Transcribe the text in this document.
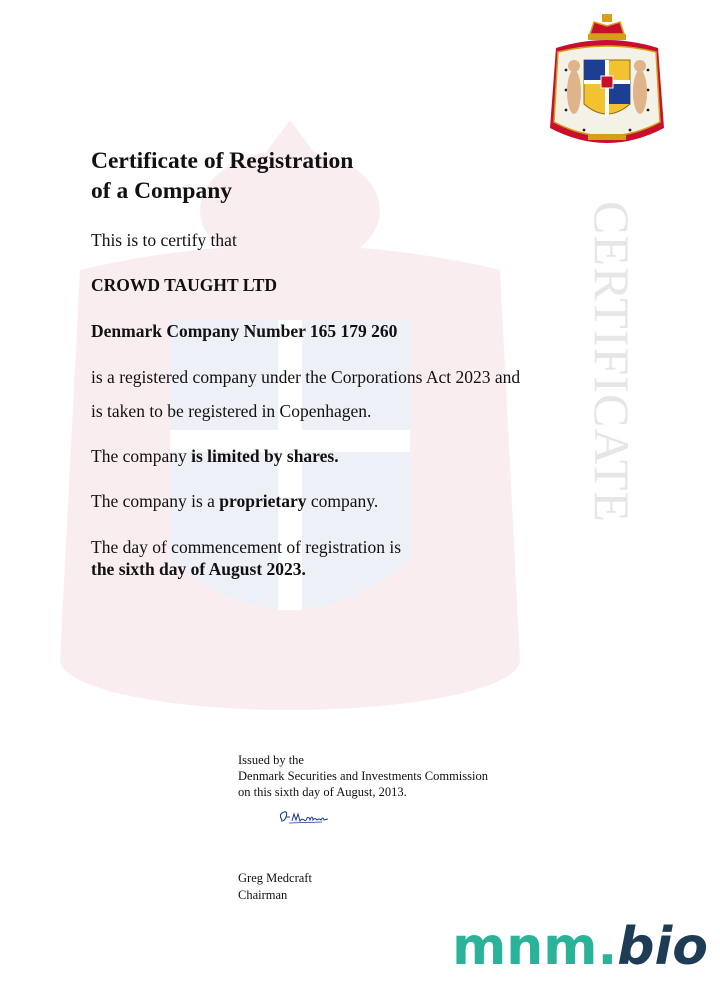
CERTIFICATE
Certificate of Registration
of a Company

This is to certify that

CROWD TAUGHT LTD

Denmark Company Number 165 179 260

is a registered company under the Corporations Act 2023 and

is taken to be registered in Copenhagen.

The company is limited by shares.

The company is a proprietary company.

The day of commencement of registration is

the sixth day of August 2023.

Issued by the
Denmark Securities and Investments Commission
on this sixth day of August, 2013.

Greg Medcraft
Chairman

mnm.bio
